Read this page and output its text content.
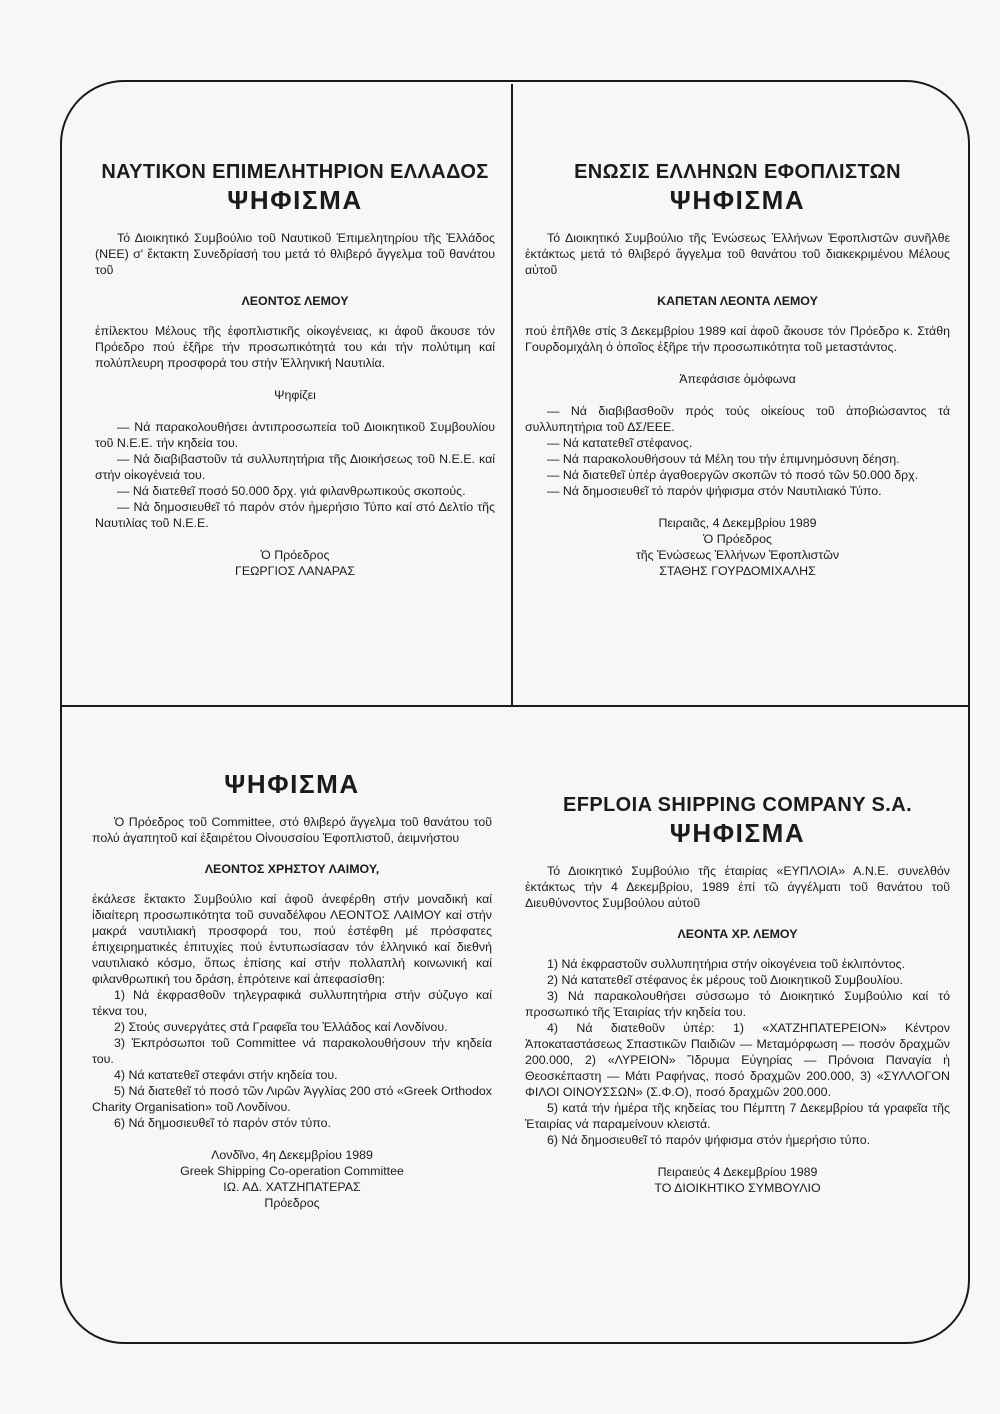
ΝΑΥΤΙΚΟΝ ΕΠΙΜΕΛΗΤΗΡΙΟΝ ΕΛΛΑΔΟΣ
ΨΗΦΙΣΜΑ

Τό Διοικητικό Συμβούλιο τοῦ Ναυτικοῦ Ἐπιμελητηρίου τῆς Ἑλλάδος (ΝΕΕ) σ' ἔκτακτη Συνεδρίασή του μετά τό θλιβερό ἄγγελμα τοῦ θανάτου τοῦ

ΛΕΟΝΤΟΣ ΛΕΜΟΥ

ἐπίλεκτου Μέλους τῆς ἐφοπλιστικῆς οἰκογένειας, κι ἀφοῦ ἄκουσε τόν Πρόεδρο πού ἐξῆρε τήν προσωπικότητά του κάι τήν πολύτιμη καί πολύπλευρη προσφορά του στήν Ἑλληνική Ναυτιλία.

Ψηφίζει
— Νά παρακολουθήσει ἀντιπροσωπεία τοῦ Διοικητικοῦ Συμβουλίου τοῦ Ν.Ε.Ε. τήν κηδεία του.
— Νά διαβιβαστοῦν τά συλλυπητήρια τῆς Διοικήσεως τοῦ Ν.Ε.Ε. καί στήν οἰκογένειά του.
— Νά διατεθεῖ ποσό 50.000 δρχ. γιά φιλανθρωπικούς σκοπούς.
— Νά δημοσιευθεῖ τό παρόν στόν ἡμερήσιο Τύπο καί στό Δελτίο τῆς Ναυτιλίας τοῦ Ν.Ε.Ε.
Ὁ Πρόεδρος
ΓΕΩΡΓΙΟΣ ΛΑΝΑΡΑΣ
ΕΝΩΣΙΣ ΕΛΛΗΝΩΝ ΕΦΟΠΛΙΣΤΩΝ
ΨΗΦΙΣΜΑ

Τό Διοικητικό Συμβούλιο τῆς Ἑνώσεως Ἑλλήνων Ἐφοπλιστῶν συνῆλθε ἐκτάκτως μετά τό θλιβερό ἄγγελμα τοῦ θανάτου τοῦ διακεκριμένου Μέλους αὐτοῦ

ΚΑΠΕΤΑΝ ΛΕΟΝΤΑ ΛΕΜΟΥ

πού ἐπῆλθε στίς 3 Δεκεμβρίου 1989 καί ἀφοῦ ἄκουσε τόν Πρόεδρο κ. Στάθη Γουρδομιχάλη ὁ ὁποῖος ἐξῆρε τήν προσωπικότητα τοῦ μεταστάντος.

Ἀπεφάσισε ὁμόφωνα
— Νά διαβιβασθοῦν πρός τούς οἰκείους τοῦ ἀποβιώσαντος τά συλλυπητήρια τοῦ ΔΣ/ΕΕΕ.
— Νά κατατεθεῖ στέφανος.
— Νά παρακολουθήσουν τά Μέλη του τήν ἐπιμνημόσυνη δέηση.
— Νά διατεθεῖ ὑπέρ ἀγαθοεργῶν σκοπῶν τό ποσό τῶν 50.000 δρχ.
— Νά δημοσιευθεῖ τό παρόν ψήφισμα στόν Ναυτιλιακό Τύπο.
Πειραιᾶς, 4 Δεκεμβρίου 1989
Ὁ Πρόεδρος
τῆς Ἑνώσεως Ἑλλήνων Ἐφοπλιστῶν
ΣΤΑΘΗΣ ΓΟΥΡΔΟΜΙΧΑΛΗΣ
ΨΗΦΙΣΜΑ

Ὁ Πρόεδρος τοῦ Committee, στό θλιβερό ἄγγελμα τοῦ θανάτου τοῦ πολύ ἀγαπητοῦ καί ἐξαιρέτου Οἰνουσσίου Ἐφοπλιστοῦ, ἀειμνήστου

ΛΕΟΝΤΟΣ ΧΡΗΣΤΟΥ ΛΑΙΜΟΥ,

ἐκάλεσε ἔκτακτο Συμβούλιο καί ἀφοῦ ἀνεφέρθη στήν μοναδική καί ἰδιαίτερη προσωπικότητα τοῦ συναδέλφου ΛΕΟΝΤΟΣ ΛΑΙΜΟΥ καί στήν μακρά ναυτιλιακή προσφορά του, πού ἐστέφθη μέ πρόσφατες ἐπιχειρηματικές ἐπιτυχίες πού ἐντυπωσίασαν τόν ἑλληνικό καί διεθνή ναυτιλιακό κόσμο, ὅπως ἐπίσης καί στήν πολλαπλή κοινωνική καί φιλανθρωπική του δράση, ἐπρότεινε καί ἀπεφασίσθη:

1) Νά ἐκφρασθοῦν τηλεγραφικά συλλυπητήρια στήν σύζυγο καί τέκνα του,
2) Στούς συνεργάτες στά Γραφεῖα του Ἑλλάδος καί Λονδίνου.
3) Ἐκπρόσωποι τοῦ Committee νά παρακολουθήσουν τήν κηδεία του.
4) Νά κατατεθεῖ στεφάνι στήν κηδεία του.
5) Νά διατεθεῖ τό ποσό τῶν Λιρῶν Ἀγγλίας 200 στό «Greek Orthodox Charity Organisation» τοῦ Λονδίνου.
6) Νά δημοσιευθεῖ τό παρόν στόν τύπο.
Λονδῖνο, 4η Δεκεμβρίου 1989
Greek Shipping Co-operation Committee
ΙΩ. ΑΔ. ΧΑΤΖΗΠΑΤΕΡΑΣ
Πρόεδρος
EFPLOIA SHIPPING COMPANY S.A.
ΨΗΦΙΣΜΑ

Τό Διοικητικό Συμβούλιο τῆς ἑταιρίας «ΕΥΠΛΟΙΑ» Α.Ν.Ε. συνελθόν ἐκτάκτως τήν 4 Δεκεμβρίου, 1989 ἐπί τῶ ἀγγέλματι τοῦ θανάτου τοῦ Διευθύνοντος Συμβούλου αὐτοῦ

ΛΕΟΝΤΑ ΧΡ. ΛΕΜΟΥ
1) Νά ἐκφραστοῦν συλλυπητήρια στήν οἰκογένεια τοῦ ἐκλιπόντος.
2) Νά κατατεθεῖ στέφανος ἐκ μέρους τοῦ Διοικητικοῦ Συμβουλίου.
3) Νά παρακολουθήσει σύσσωμο τό Διοικητικό Συμβούλιο καί τό προσωπικό τῆς Ἑταιρίας τήν κηδεία του.
4) Νά διατεθοῦν ὑπέρ: 1) «ΧΑΤΖΗΠΑΤΕΡΕΙΟΝ» Κέντρον Ἀποκαταστάσεως Σπαστικῶν Παιδιῶν — Μεταμόρφωση — ποσόν δραχμῶν 200.000, 2) «ΛΥΡΕΙΟΝ» Ἵδρυμα Εὐγηρίας — Πρόνοια Παναγία ἡ Θεοσκέπαστη — Μάτι Ραφήνας, ποσό δραχμῶν 200.000, 3) «ΣΥΛΛΟΓΟΝ ΦΙΛΟΙ ΟΙΝΟΥΣΣΩΝ» (Σ.Φ.Ο), ποσό δραχμῶν 200.000.
5) κατά τήν ἡμέρα τῆς κηδείας του Πέμπτη 7 Δεκεμβρίου τά γραφεῖα τῆς Ἑταιρίας νά παραμείνουν κλειστά.
6) Νά δημοσιευθεῖ τό παρόν ψήφισμα στόν ἡμερήσιο τύπο.
Πειραιεύς 4 Δεκεμβρίου 1989
ΤΟ ΔΙΟΙΚΗΤΙΚΟ ΣΥΜΒΟΥΛΙΟ
